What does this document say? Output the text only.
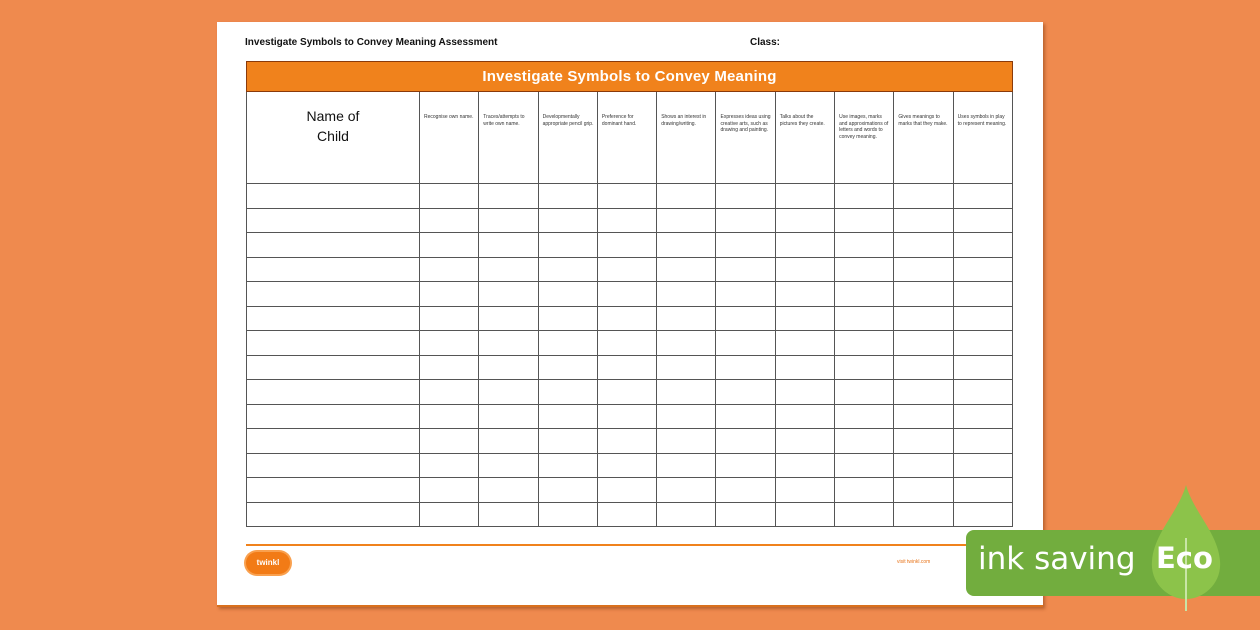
Investigate Symbols to Convey Meaning Assessment	Class:
Investigate Symbols to Convey Meaning										
Name of
Child	Recognise own name.	Traces/attempts to write own name.	Developmentally appropriate pencil grip.	Preference for dominant hand.	Shows an interest in drawing/writing.	Expresses ideas using creative arts, such as drawing and painting.	Talks about the pictures they create.	Use images, marks and approximations of letters and words to convey meaning.	Gives meanings to marks that they make.	Uses symbols in play to represent meaning.

twinkl	visit twinkl.com ink saving Eco
